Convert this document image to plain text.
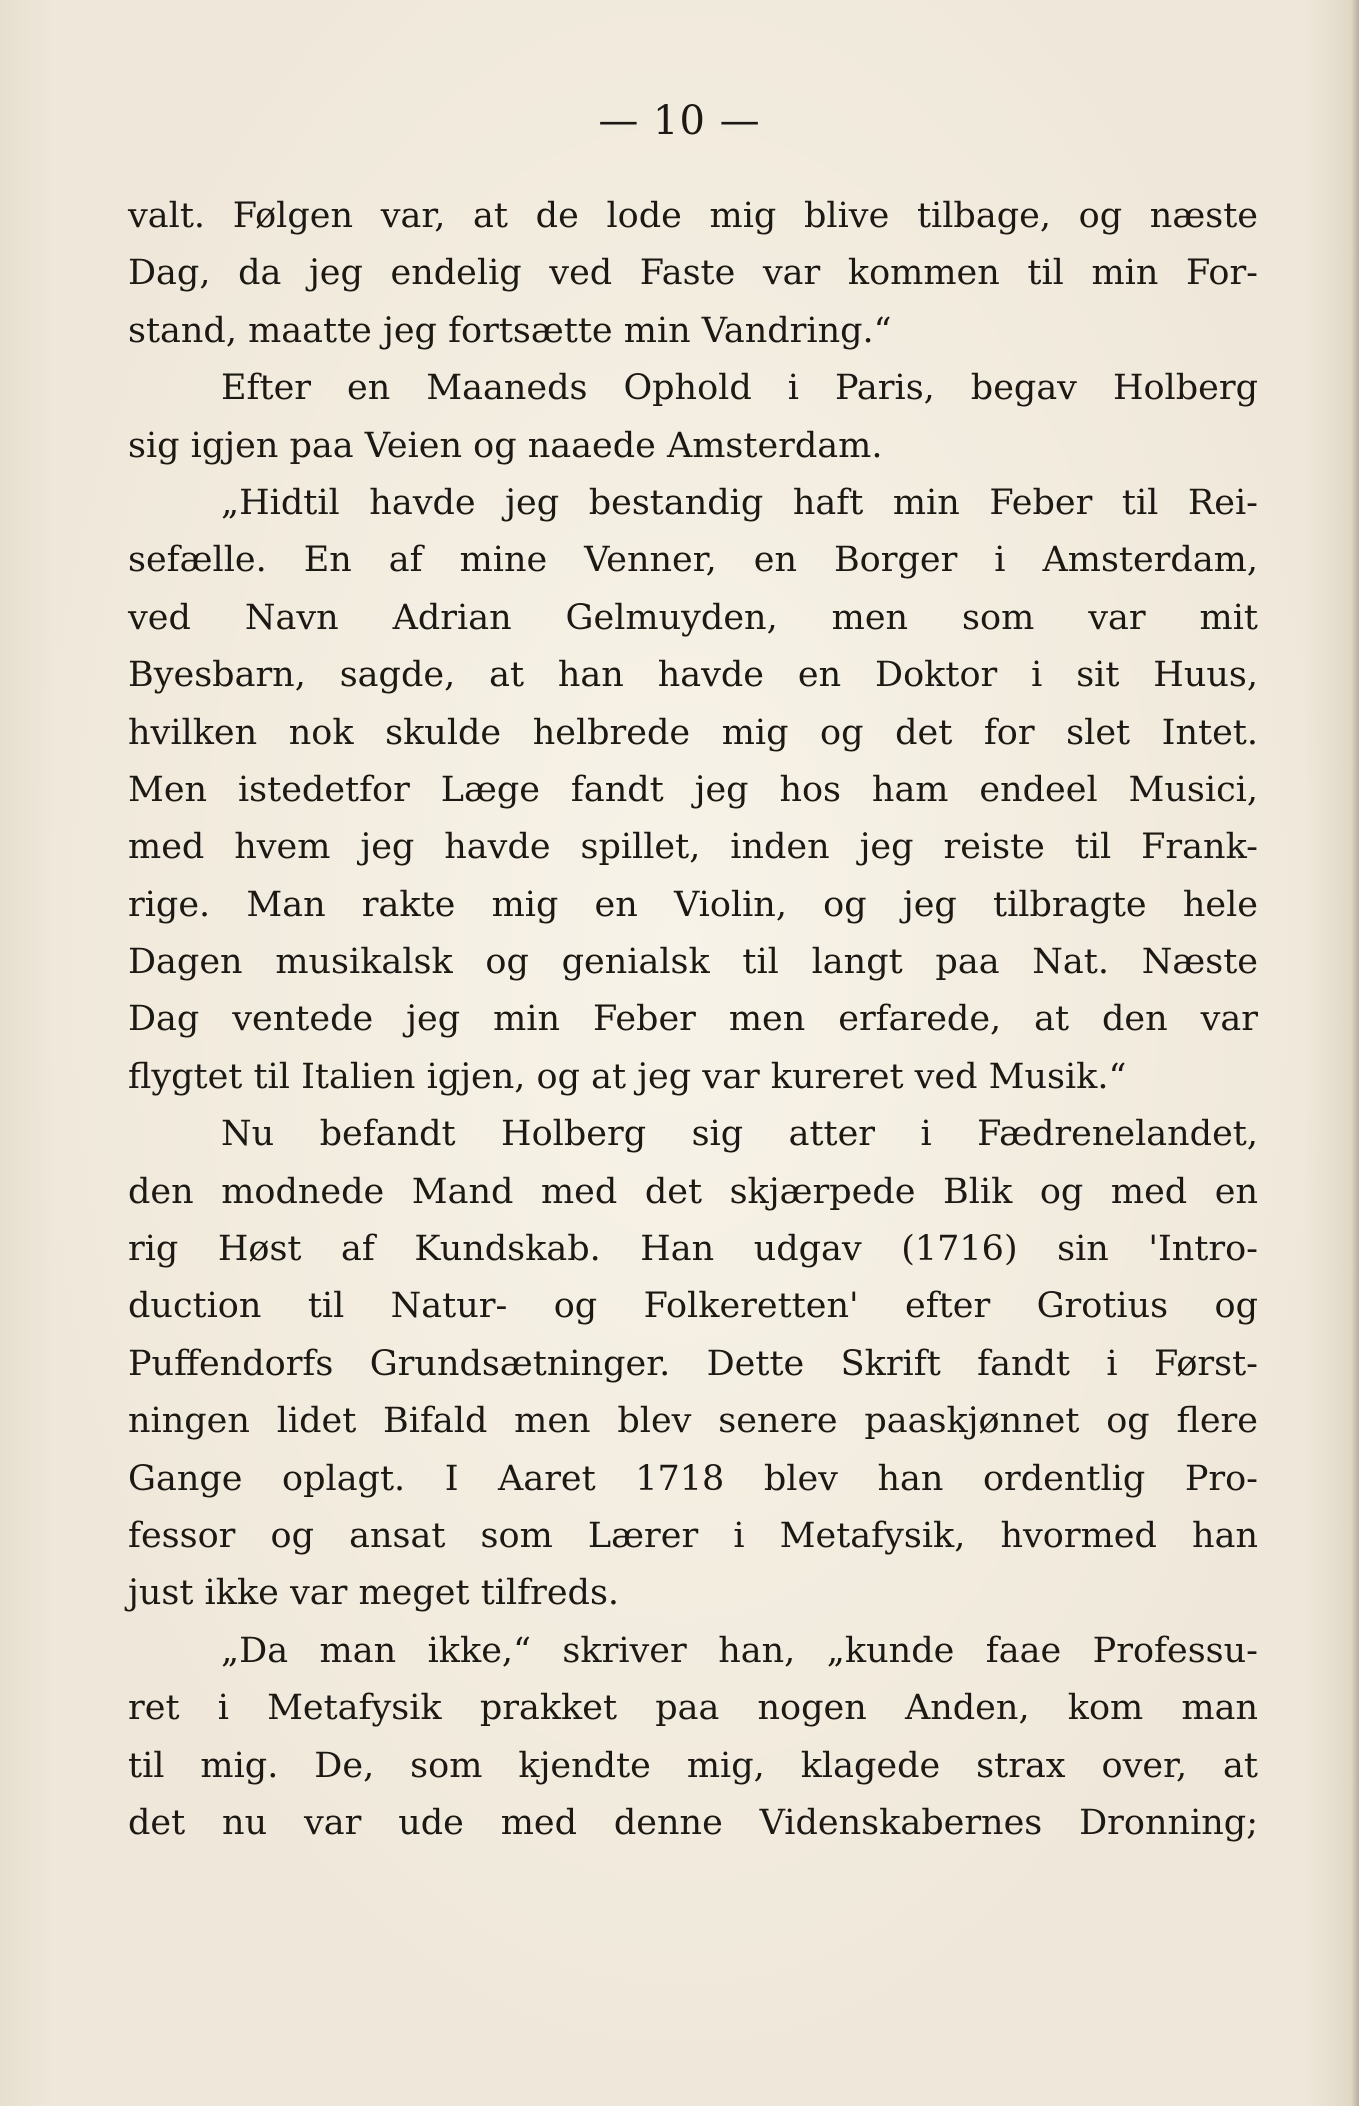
— 10 —
valt. Følgen var, at de lode mig blive tilbage, og næste
Dag, da jeg endelig ved Faste var kommen til min For-
stand, maatte jeg fortsætte min Vandring.“
Efter en Maaneds Ophold i Paris, begav Holberg
sig igjen paa Veien og naaede Amsterdam.
„Hidtil havde jeg bestandig haft min Feber til Rei-
sefælle. En af mine Venner, en Borger i Amsterdam,
ved Navn Adrian Gelmuyden, men som var mit
Byesbarn, sagde, at han havde en Doktor i sit Huus,
hvilken nok skulde helbrede mig og det for slet Intet.
Men istedetfor Læge fandt jeg hos ham endeel Musici,
med hvem jeg havde spillet, inden jeg reiste til Frank-
rige. Man rakte mig en Violin, og jeg tilbragte hele
Dagen musikalsk og genialsk til langt paa Nat. Næste
Dag ventede jeg min Feber men erfarede, at den var
flygtet til Italien igjen, og at jeg var kureret ved Musik.“
Nu befandt Holberg sig atter i Fædrenelandet,
den modnede Mand med det skjærpede Blik og med en
rig Høst af Kundskab. Han udgav (1716) sin 'Intro-
duction til Natur- og Folkeretten' efter Grotius og
Puffendorfs Grundsætninger. Dette Skrift fandt i Først-
ningen lidet Bifald men blev senere paaskjønnet og flere
Gange oplagt. I Aaret 1718 blev han ordentlig Pro-
fessor og ansat som Lærer i Metafysik, hvormed han
just ikke var meget tilfreds.
„Da man ikke,“ skriver han, „kunde faae Professu-
ret i Metafysik prakket paa nogen Anden, kom man
til mig. De, som kjendte mig, klagede strax over, at
det nu var ude med denne Videnskabernes Dronning;
